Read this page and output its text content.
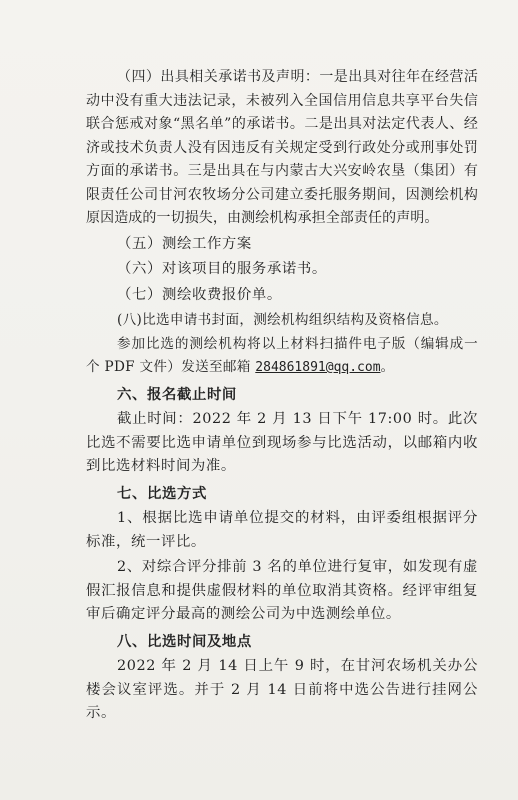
（四）出具相关承诺书及声明：一是出具对往年在经营活动中没有重大违法记录，未被列入全国信用信息共享平台失信联合惩戒对象“黑名单”的承诺书。二是出具对法定代表人、经济或技术负责人没有因违反有关规定受到行政处分或刑事处罚方面的承诺书。三是出具在与内蒙古大兴安岭农垦（集团）有限责任公司甘河农牧场分公司建立委托服务期间，因测绘机构原因造成的一切损失，由测绘机构承担全部责任的声明。

（五）测绘工作方案

（六）对该项目的服务承诺书。

（七）测绘收费报价单。

(八)比选申请书封面，测绘机构组织结构及资格信息。

参加比选的测绘机构将以上材料扫描件电子版（编辑成一个 PDF 文件）发送至邮箱 284861891@qq.com。

六、报名截止时间

截止时间：2022 年 2 月 13 日下午 17:00 时。此次比选不需要比选申请单位到现场参与比选活动，以邮箱内收到比选材料时间为准。

七、比选方式

1、根据比选申请单位提交的材料，由评委组根据评分标准，统一评比。

2、对综合评分排前 3 名的单位进行复审，如发现有虚假汇报信息和提供虚假材料的单位取消其资格。经评审组复审后确定评分最高的测绘公司为中选测绘单位。

八、比选时间及地点

2022 年 2 月 14 日上午 9 时，在甘河农场机关办公楼会议室评选。并于 2 月 14 日前将中选公告进行挂网公示。
